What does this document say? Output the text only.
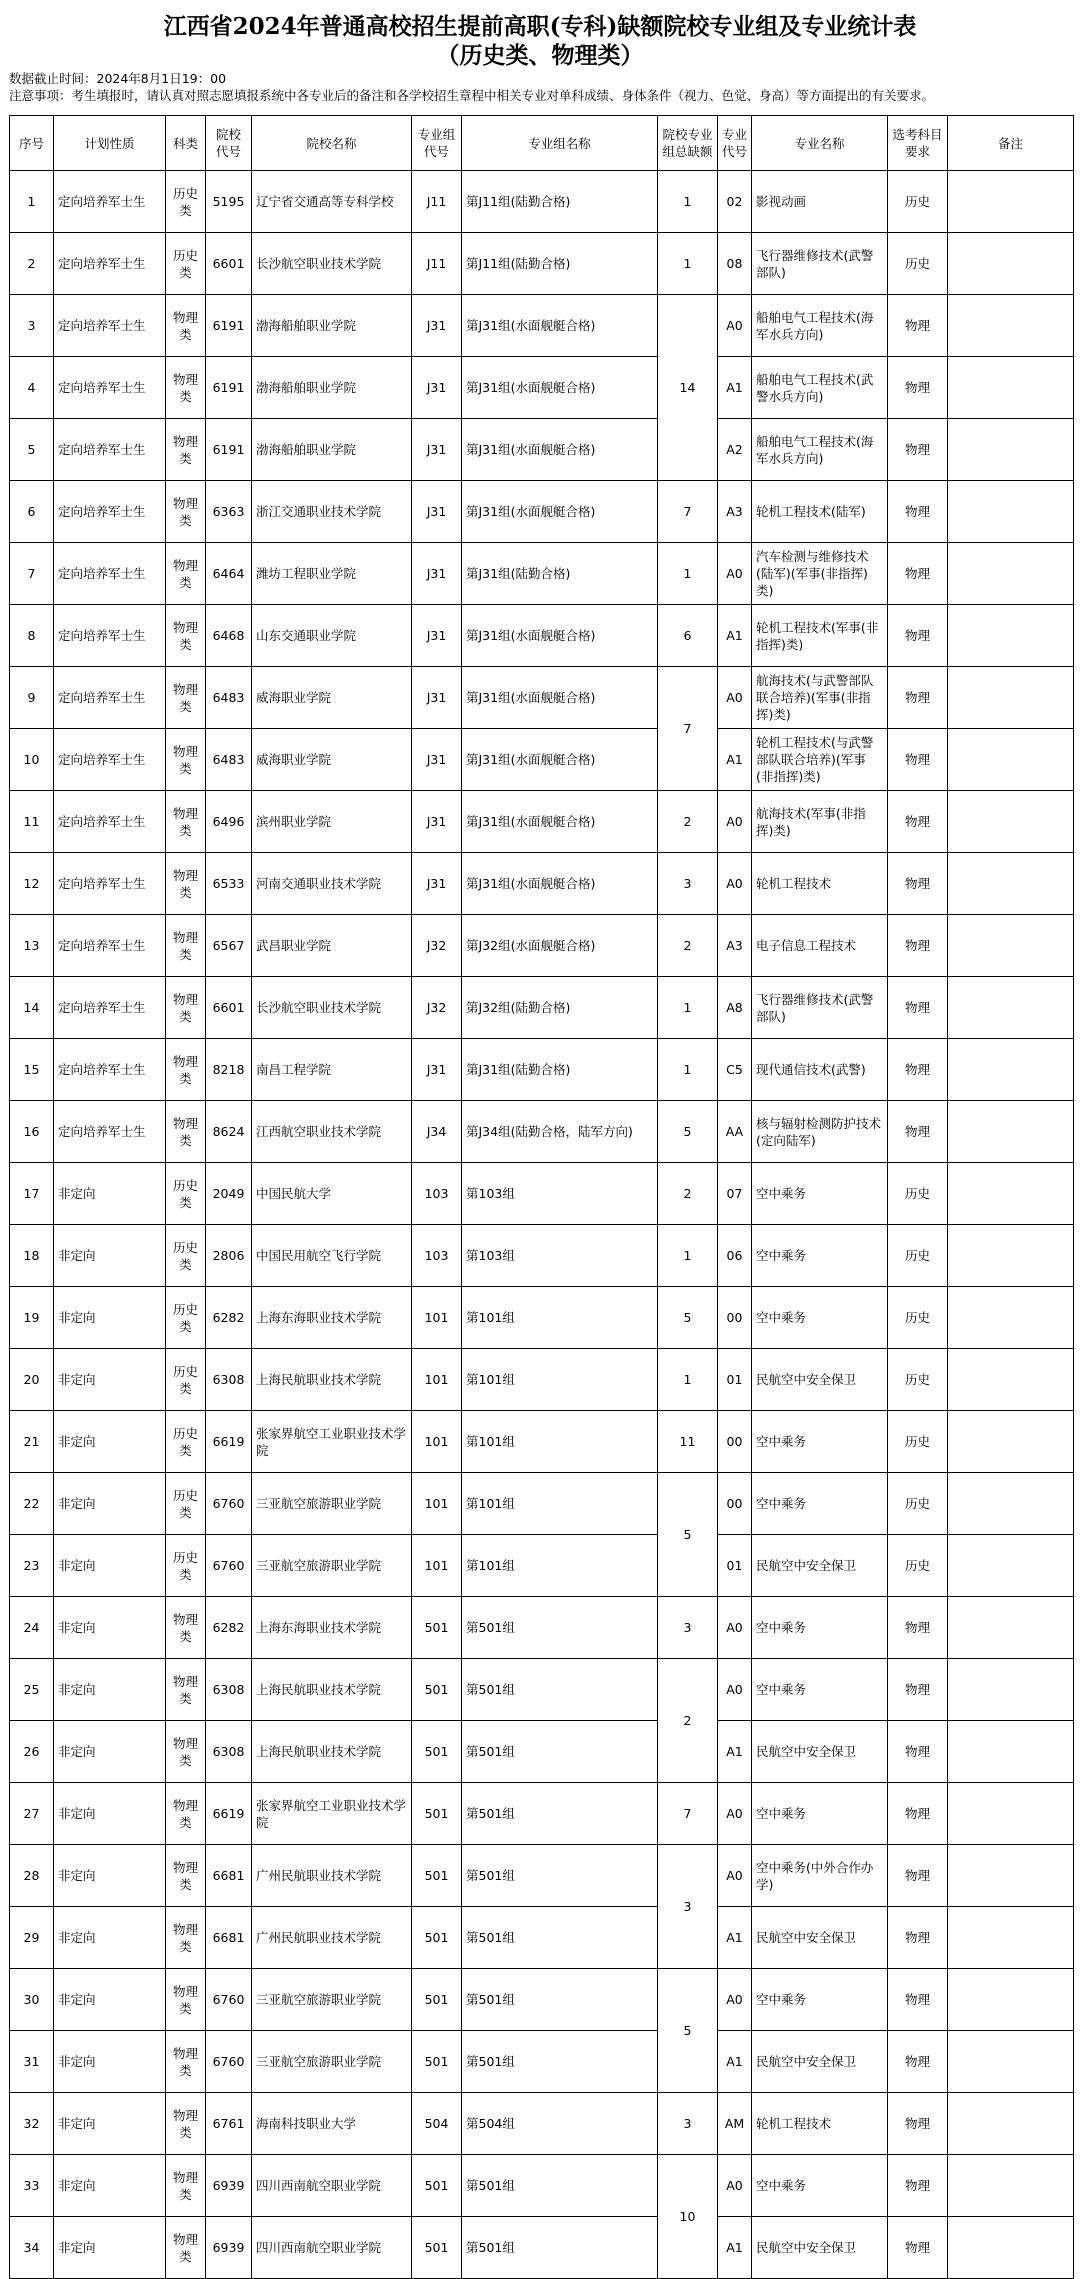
江西省2024年普通高校招生提前高职(专科)缺额院校专业组及专业统计表
（历史类、物理类）
数据截止时间：2024年8月1日19：00
注意事项：考生填报时，请认真对照志愿填报系统中各专业后的备注和各学校招生章程中相关专业对单科成绩、身体条件（视力、色觉、身高）等方面提出的有关要求。
序号	计划性质	科类	院校代号	院校名称	专业组代号	专业组名称	院校专业组总缺额	专业代号	专业名称	选考科目要求	备注
1	定向培养军士生	历史类	5195	辽宁省交通高等专科学校	J11	第J11组(陆勤合格)	1	02	影视动画	历史	
2	定向培养军士生	历史类	6601	长沙航空职业技术学院	J11	第J11组(陆勤合格)	1	08	飞行器维修技术(武警部队)	历史	
3	定向培养军士生	物理类	6191	渤海船舶职业学院	J31	第J31组(水面舰艇合格)	14	A0	船舶电气工程技术(海军水兵方向)	物理	
4	定向培养军士生	物理类	6191	渤海船舶职业学院	J31	第J31组(水面舰艇合格)		A1	船舶电气工程技术(武警水兵方向)	物理	
5	定向培养军士生	物理类	6191	渤海船舶职业学院	J31	第J31组(水面舰艇合格)		A2	船舶电气工程技术(海军水兵方向)	物理	
6	定向培养军士生	物理类	6363	浙江交通职业技术学院	J31	第J31组(水面舰艇合格)	7	A3	轮机工程技术(陆军)	物理	
7	定向培养军士生	物理类	6464	潍坊工程职业学院	J31	第J31组(陆勤合格)	1	A0	汽车检测与维修技术(陆军)(军事(非指挥)类)	物理	
8	定向培养军士生	物理类	6468	山东交通职业学院	J31	第J31组(水面舰艇合格)	6	A1	轮机工程技术(军事(非指挥)类)	物理	
9	定向培养军士生	物理类	6483	威海职业学院	J31	第J31组(水面舰艇合格)	7	A0	航海技术(与武警部队联合培养)(军事(非指挥)类)	物理	
10	定向培养军士生	物理类	6483	威海职业学院	J31	第J31组(水面舰艇合格)		A1	轮机工程技术(与武警部队联合培养)(军事(非指挥)类)	物理	
11	定向培养军士生	物理类	6496	滨州职业学院	J31	第J31组(水面舰艇合格)	2	A0	航海技术(军事(非指挥)类)	物理	
12	定向培养军士生	物理类	6533	河南交通职业技术学院	J31	第J31组(水面舰艇合格)	3	A0	轮机工程技术	物理	
13	定向培养军士生	物理类	6567	武昌职业学院	J32	第J32组(水面舰艇合格)	2	A3	电子信息工程技术	物理	
14	定向培养军士生	物理类	6601	长沙航空职业技术学院	J32	第J32组(陆勤合格)	1	A8	飞行器维修技术(武警部队)	物理	
15	定向培养军士生	物理类	8218	南昌工程学院	J31	第J31组(陆勤合格)	1	C5	现代通信技术(武警)	物理	
16	定向培养军士生	物理类	8624	江西航空职业技术学院	J34	第J34组(陆勤合格，陆军方向)	5	AA	核与辐射检测防护技术(定向陆军)	物理	
17	非定向	历史类	2049	中国民航大学	103	第103组	2	07	空中乘务	历史	
18	非定向	历史类	2806	中国民用航空飞行学院	103	第103组	1	06	空中乘务	历史	
19	非定向	历史类	6282	上海东海职业技术学院	101	第101组	5	00	空中乘务	历史	
20	非定向	历史类	6308	上海民航职业技术学院	101	第101组	1	01	民航空中安全保卫	历史	
21	非定向	历史类	6619	张家界航空工业职业技术学院	101	第101组	11	00	空中乘务	历史	
22	非定向	历史类	6760	三亚航空旅游职业学院	101	第101组	5	00	空中乘务	历史	
23	非定向	历史类	6760	三亚航空旅游职业学院	101	第101组		01	民航空中安全保卫	历史	
24	非定向	物理类	6282	上海东海职业技术学院	501	第501组	3	A0	空中乘务	物理	
25	非定向	物理类	6308	上海民航职业技术学院	501	第501组	2	A0	空中乘务	物理	
26	非定向	物理类	6308	上海民航职业技术学院	501	第501组		A1	民航空中安全保卫	物理	
27	非定向	物理类	6619	张家界航空工业职业技术学院	501	第501组	7	A0	空中乘务	物理	
28	非定向	物理类	6681	广州民航职业技术学院	501	第501组	3	A0	空中乘务(中外合作办学)	物理	
29	非定向	物理类	6681	广州民航职业技术学院	501	第501组		A1	民航空中安全保卫	物理	
30	非定向	物理类	6760	三亚航空旅游职业学院	501	第501组	5	A0	空中乘务	物理	
31	非定向	物理类	6760	三亚航空旅游职业学院	501	第501组		A1	民航空中安全保卫	物理	
32	非定向	物理类	6761	海南科技职业大学	504	第504组	3	AM	轮机工程技术	物理	
33	非定向	物理类	6939	四川西南航空职业学院	501	第501组	10	A0	空中乘务	物理	
34	非定向	物理类	6939	四川西南航空职业学院	501	第501组		A1	民航空中安全保卫	物理	
